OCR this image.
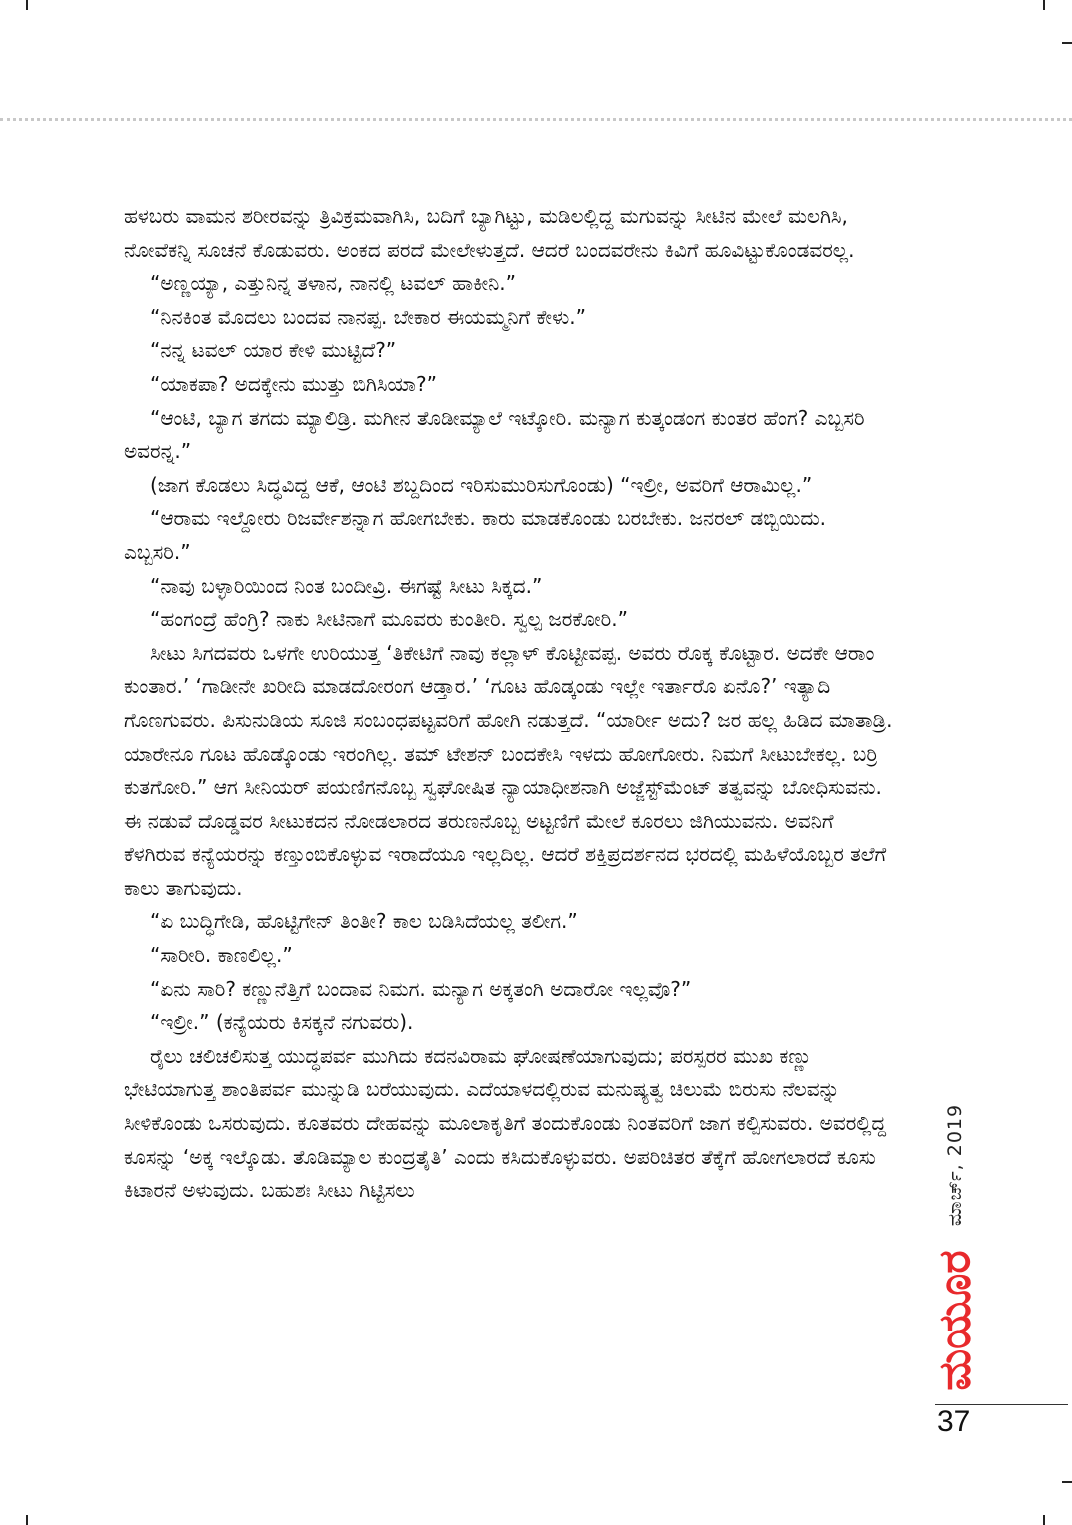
ಹಳಬರು ವಾಮನ ಶರೀರವನ್ನು ತ್ರಿವಿಕ್ರಮವಾಗಿಸಿ, ಬದಿಗೆ ಬ್ಯಾಗಿಟ್ಟು, ಮಡಿಲಲ್ಲಿದ್ದ ಮಗುವನ್ನು ಸೀಟಿನ ಮೇಲೆ ಮಲಗಿಸಿ, ನೋವೆಕನ್ನಿ ಸೂಚನೆ ಕೊಡುವರು. ಅಂಕದ ಪರದೆ ಮೇಲೇಳುತ್ತದೆ. ಆದರೆ ಬಂದವರೇನು ಕಿವಿಗೆ ಹೂವಿಟ್ಟುಕೊಂಡವರಲ್ಲ.

“ಅಣ್ಣಯ್ಯಾ, ಎತ್ತುನಿನ್ನ ತಳಾನ, ನಾನಲ್ಲಿ ಟವಲ್ ಹಾಕೀನಿ.”

“ನಿನಕಿಂತ ಮೊದಲು ಬಂದವ ನಾನಪ್ಪ. ಬೇಕಾರ ಈಯಮ್ಮನಿಗೆ ಕೇಳು.”

“ನನ್ನ ಟವಲ್ ಯಾರ ಕೇಳಿ ಮುಟ್ಟಿದೆ?”

“ಯಾಕಪಾ? ಅದಕ್ಕೇನು ಮುತ್ತು ಬಿಗಿಸಿಯಾ?”

“ಆಂಟಿ, ಬ್ಯಾಗ ತಗದು ಮ್ಯಾಲಿಡ್ರಿ. ಮಗೀನ ತೊಡೀಮ್ಯಾಲೆ ಇಟ್ಕೋರಿ. ಮನ್ಯಾಗ ಕುತ್ಕಂಡಂಗ ಕುಂತರ ಹೆಂಗ? ಎಬ್ಬಸರಿ ಅವರನ್ನ.”

(ಜಾಗ ಕೊಡಲು ಸಿದ್ಧವಿದ್ದ ಆಕೆ, ಆಂಟಿ ಶಬ್ದದಿಂದ ಇರಿಸುಮುರಿಸುಗೊಂಡು) “ಇಲ್ರೀ, ಅವರಿಗೆ ಆರಾಮಿಲ್ಲ.”

“ಆರಾಮ ಇಲ್ದೋರು ರಿಜರ್ವೇಶನ್ನಾಗ ಹೋಗಬೇಕು. ಕಾರು ಮಾಡಕೊಂಡು ಬರಬೇಕು. ಜನರಲ್ ಡಬ್ಬಿಯಿದು. ಎಬ್ಬಸರಿ.”

“ನಾವು ಬಳ್ಳಾರಿಯಿಂದ ನಿಂತ ಬಂದೀವ್ರಿ. ಈಗಷ್ಟೆ ಸೀಟು ಸಿಕ್ಕದ.”

“ಹಂಗಂದ್ರೆ ಹೆಂಗ್ರಿ? ನಾಕು ಸೀಟಿನಾಗೆ ಮೂವರು ಕುಂತೀರಿ. ಸ್ವಲ್ಪ ಜರಕೋರಿ.”

ಸೀಟು ಸಿಗದವರು ಒಳಗೇ ಉರಿಯುತ್ತ ‘ತಿಕೇಟಿಗೆ ನಾವು ಕಲ್ಲಾಳ್ ಕೊಟ್ಟೀವಪ್ಪ. ಅವರು ರೊಕ್ಕ ಕೊಟ್ಟಾರ. ಅದಕೇ ಆರಾಂ ಕುಂತಾರ.’ ‘ಗಾಡೀನೇ ಖರೀದಿ ಮಾಡದೋರಂಗ ಆಡ್ತಾರ.’ ‘ಗೂಟ ಹೊಡ್ಕಂಡು ಇಲ್ಲೇ ಇರ್ತಾರೊ ಏನೊ?’ ಇತ್ಯಾದಿ ಗೊಣಗುವರು. ಪಿಸುನುಡಿಯ ಸೂಜಿ ಸಂಬಂಧಪಟ್ಟವರಿಗೆ ಹೋಗಿ ನಡುತ್ತದೆ. “ಯಾರ್ರೀ ಅದು? ಜರ ಹಲ್ಲ ಹಿಡಿದ ಮಾತಾಡ್ರಿ. ಯಾರೇನೂ ಗೂಟ ಹೊಡ್ಕೊಂಡು ಇರಂಗಿಲ್ಲ. ತಮ್ ಟೇಶನ್ ಬಂದಕೇಸಿ ಇಳದು ಹೋಗೋರು. ನಿಮಗೆ ಸೀಟುಬೇಕಲ್ಲ. ಬರ್ರಿ ಕುತಗೋರಿ.” ಆಗ ಸೀನಿಯರ್ ಪಯಣಿಗನೊಬ್ಬ ಸ್ವಘೋಷಿತ ನ್ಯಾಯಾಧೀಶನಾಗಿ ಅಜ್ಜೆಸ್ಟ್‌ಮೆಂಟ್ ತತ್ವವನ್ನು ಬೋಧಿಸುವನು. ಈ ನಡುವೆ ದೊಡ್ಡವರ ಸೀಟುಕದನ ನೋಡಲಾರದ ತರುಣನೊಬ್ಬ ಅಟ್ಟಣಿಗೆ ಮೇಲೆ ಕೂರಲು ಜಿಗಿಯುವನು. ಅವನಿಗೆ ಕೆಳಗಿರುವ ಕನ್ಯೆಯರನ್ನು ಕಣ್ತುಂಬಿಕೊಳ್ಳುವ ಇರಾದೆಯೂ ಇಲ್ಲದಿಲ್ಲ. ಆದರೆ ಶಕ್ತಿಪ್ರದರ್ಶನದ ಭರದಲ್ಲಿ ಮಹಿಳೆಯೊಬ್ಬರ ತಲೆಗೆ ಕಾಲು ತಾಗುವುದು.

“ಏ ಬುದ್ಧಿಗೇಡಿ, ಹೊಟ್ಟಿಗೇನ್ ತಿಂತೀ? ಕಾಲ ಬಡಿಸಿದೆಯಲ್ಲ ತಲೀಗ.”

“ಸಾರೀರಿ. ಕಾಣಲಿಲ್ಲ.”

“ಏನು ಸಾರಿ? ಕಣ್ಣುನೆತ್ತಿಗೆ ಬಂದಾವ ನಿಮಗ. ಮನ್ಯಾಗ ಅಕ್ಕತಂಗಿ ಅದಾರೋ ಇಲ್ಲವೊ?”

“ಇಲ್ರೀ.” (ಕನ್ಯೆಯರು ಕಿಸಕ್ಕನೆ ನಗುವರು).

ರೈಲು ಚಲಿಚಲಿಸುತ್ತ ಯುದ್ಧಪರ್ವ ಮುಗಿದು ಕದನವಿರಾಮ ಘೋಷಣೆಯಾಗುವುದು; ಪರಸ್ಪರರ ಮುಖ ಕಣ್ಣು ಭೇಟಿಯಾಗುತ್ತ ಶಾಂತಿಪರ್ವ ಮುನ್ನುಡಿ ಬರೆಯುವುದು. ಎದೆಯಾಳದಲ್ಲಿರುವ ಮನುಷ್ಯತ್ವ ಚಿಲುಮೆ ಬಿರುಸು ನೆಲವನ್ನು ಸೀಳಿಕೊಂಡು ಒಸರುವುದು. ಕೂತವರು ದೇಹವನ್ನು ಮೂಲಾಕೃತಿಗೆ ತಂದುಕೊಂಡು ನಿಂತವರಿಗೆ ಜಾಗ ಕಲ್ಪಿಸುವರು. ಅವರಲ್ಲಿದ್ದ ಕೂಸನ್ನು ‘ಅಕ್ಕ ಇಲ್ಕೊಡು. ತೊಡಿಮ್ಯಾಲ ಕುಂದ್ರತೈತಿ’ ಎಂದು ಕಸಿದುಕೊಳ್ಳುವರು. ಅಪರಿಚಿತರ ತೆಕ್ಕೆಗೆ ಹೋಗಲಾರದೆ ಕೂಸು ಕಿಟಾರನೆ ಅಳುವುದು. ಬಹುಶಃ ಸೀಟು ಗಿಟ್ಟಿಸಲು	ಮಾರ್ಚ್, 2019
ಮಯೂರ
37
